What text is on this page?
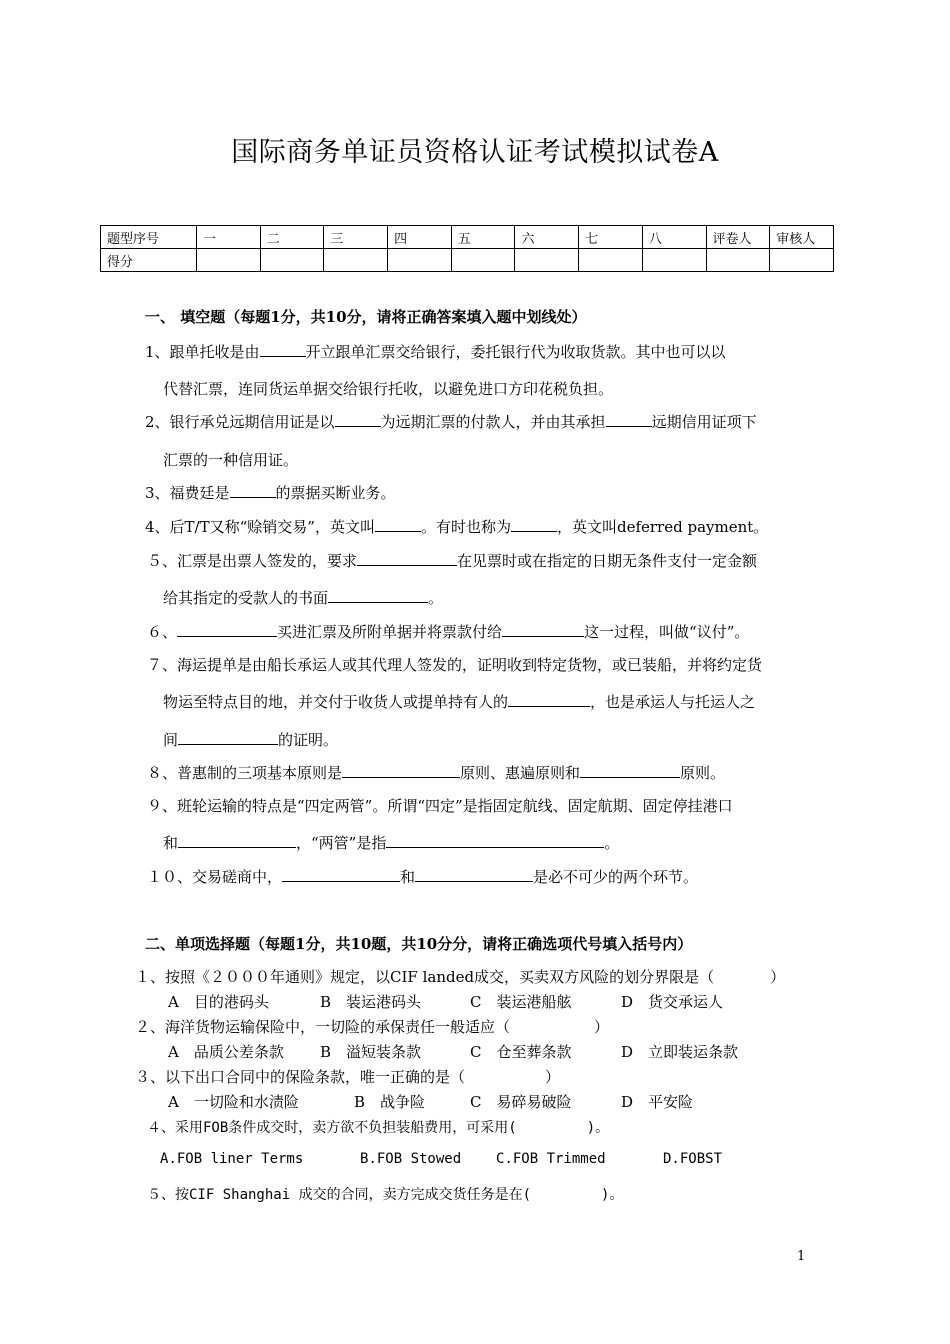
国际商务单证员资格认证考试模拟试卷A
题型序号	一	二	三	四	五	六	七	八	评卷人	审核人
得分										
一、 填空题（每题1分，共10分，请将正确答案填入题中划线处）
1、跟单托收是由	开立跟单汇票交给银行，委托银行代为收取货款。其中也可以以
代替汇票，连同货运单据交给银行托收，以避免进口方印花税负担。
2、银行承兑远期信用证是以	为远期汇票的付款人，并由其承担	远期信用证项下
汇票的一种信用证。
3、福费廷是	的票据买断业务。
4、后T/T又称“赊销交易”，英文叫	。有时也称为	，英文叫deferred payment。
５、汇票是出票人签发的，要求	在见票时或在指定的日期无条件支付一定金额
给其指定的受款人的书面	。
６、	买进汇票及所附单据并将票款付给	这一过程，叫做“议付”。
７、海运提单是由船长承运人或其代理人签发的，证明收到特定货物，或已装船，并将约定货
物运至特点目的地，并交付于收货人或提单持有人的	，也是承运人与托运人之
间	的证明。
８、普惠制的三项基本原则是	原则、惠遍原则和	原则。
９、班轮运输的特点是“四定两管”。所谓“四定”是指固定航线、固定航期、固定停挂港口
和	，“两管”是指	。
１０、交易磋商中，	和	是必不可少的两个环节。
二、单项选择题（每题1分，共10题，共10分分，请将正确选项代号填入括号内）
１、按照《２０００年通则》规定，以CIF landed成交，买卖双方风险的划分界限是（	）
A　目的港码头	B　装运港码头	C　装运港船舷	D　货交承运人
２、海洋货物运输保险中，一切险的承保责任一般适应（	）
A　品质公差条款 B　溢短装条款	C　仓至葬条款	D　立即装运条款
３、以下出口合同中的保险条款，唯一正确的是（	）
A　一切险和水渍险	B　战争险	C　易碎易破险	D　平安险
４、采用FOB条件成交时，卖方欲不负担装船费用，可采用(	)。
A.FOB liner Terms	B.FOB Stowed C.FOB Trimmed	D.FOBST
５、按CIF Shanghai 成交的合同，卖方完成交货任务是在(	)。
1
